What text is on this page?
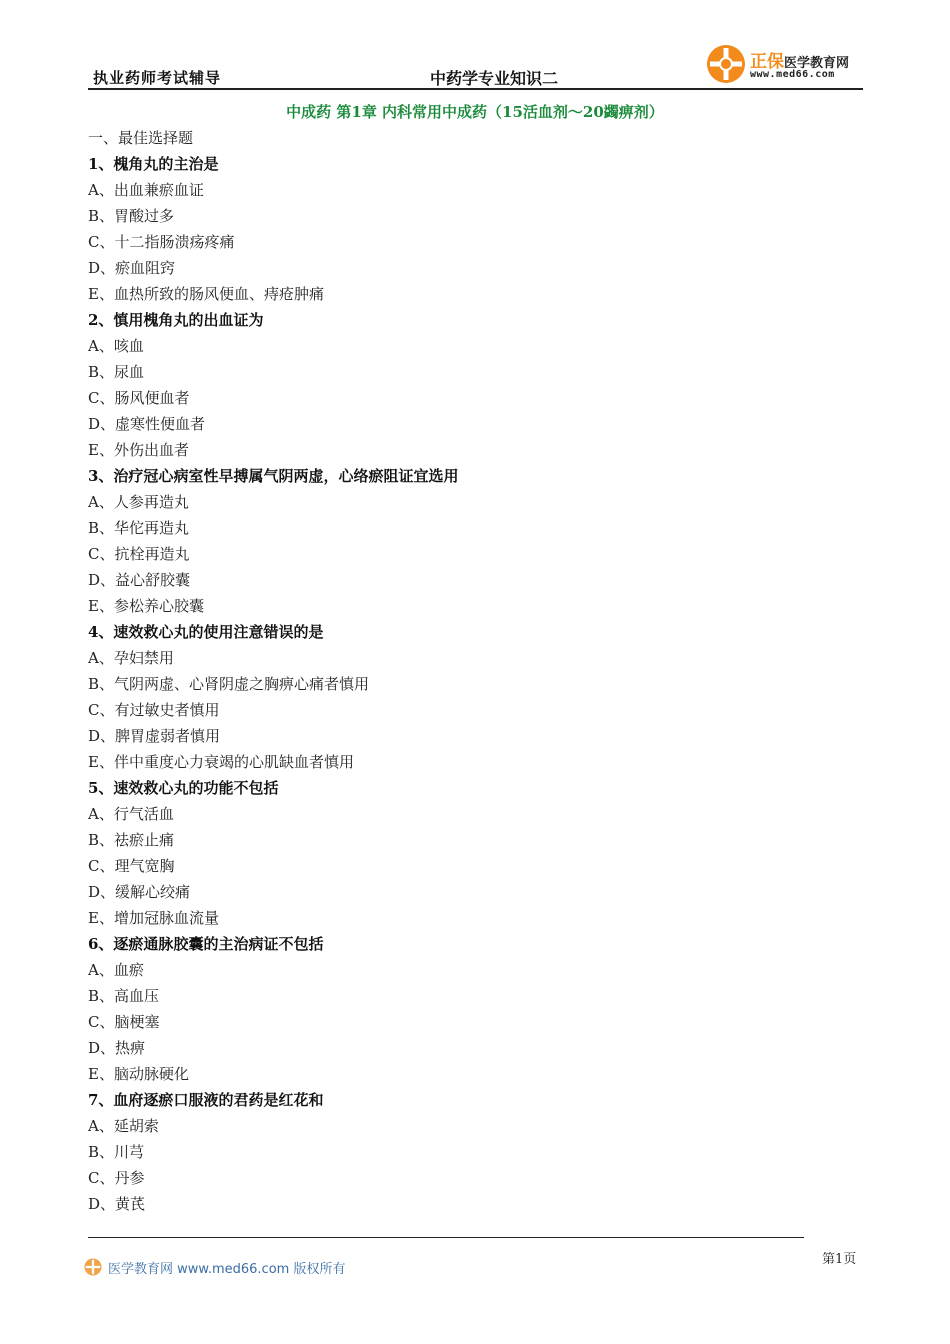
执业药师考试辅导	中药学专业知识二
正保医学教育网
www.med66.com
中成药 第1章 内科常用中成药（15活血剂～20蠲痹剂）
一、最佳选择题
1、槐角丸的主治是
A、出血兼瘀血证
B、胃酸过多
C、十二指肠溃疡疼痛
D、瘀血阻窍
E、血热所致的肠风便血、痔疮肿痛
2、慎用槐角丸的出血证为
A、咳血
B、尿血
C、肠风便血者
D、虚寒性便血者
E、外伤出血者
3、治疗冠心病室性早搏属气阴两虚，心络瘀阻证宜选用
A、人参再造丸
B、华佗再造丸
C、抗栓再造丸
D、益心舒胶囊
E、参松养心胶囊
4、速效救心丸的使用注意错误的是
A、孕妇禁用
B、气阴两虚、心肾阴虚之胸痹心痛者慎用
C、有过敏史者慎用
D、脾胃虚弱者慎用
E、伴中重度心力衰竭的心肌缺血者慎用
5、速效救心丸的功能不包括
A、行气活血
B、祛瘀止痛
C、理气宽胸
D、缓解心绞痛
E、增加冠脉血流量
6、逐瘀通脉胶囊的主治病证不包括
A、血瘀
B、高血压
C、脑梗塞
D、热痹
E、脑动脉硬化
7、血府逐瘀口服液的君药是红花和
A、延胡索
B、川芎
C、丹参
D、黄芪
医学教育网 www.med66.com 版权所有
第1页
